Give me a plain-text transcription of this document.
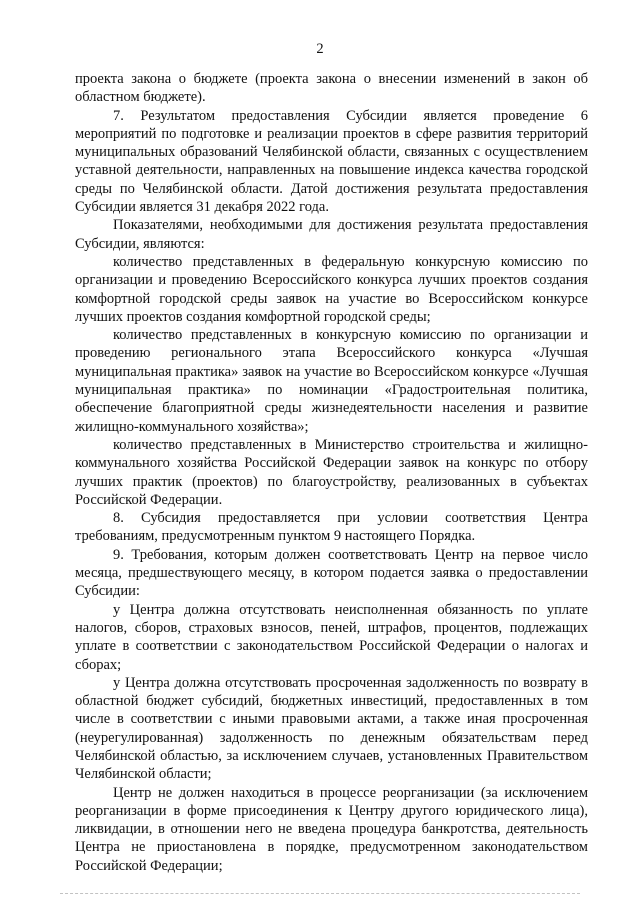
2

проекта закона о бюджете (проекта закона о внесении изменений в закон об областном бюджете).

7. Результатом предоставления Субсидии является проведение 6 мероприятий по подготовке и реализации проектов в сфере развития территорий муниципальных образований Челябинской области, связанных с осуществлением уставной деятельности, направленных на повышение индекса качества городской среды по Челябинской области. Датой достижения результата предоставления Субсидии является 31 декабря 2022 года.

Показателями, необходимыми для достижения результата предоставления Субсидии, являются:

количество представленных в федеральную конкурсную комиссию по организации и проведению Всероссийского конкурса лучших проектов создания комфортной городской среды заявок на участие во Всероссийском конкурсе лучших проектов создания комфортной городской среды;

количество представленных в конкурсную комиссию по организации и проведению регионального этапа Всероссийского конкурса «Лучшая муниципальная практика» заявок на участие во Всероссийском конкурсе «Лучшая муниципальная практика» по номинации «Градостроительная политика, обеспечение благоприятной среды жизнедеятельности населения и развитие жилищно-коммунального хозяйства»;

количество представленных в Министерство строительства и жилищно-коммунального хозяйства Российской Федерации заявок на конкурс по отбору лучших практик (проектов) по благоустройству, реализованных в субъектах Российской Федерации.

8. Субсидия предоставляется при условии соответствия Центра требованиям, предусмотренным пунктом 9 настоящего Порядка.

9. Требования, которым должен соответствовать Центр на первое число месяца, предшествующего месяцу, в котором подается заявка о предоставлении Субсидии:

у Центра должна отсутствовать неисполненная обязанность по уплате налогов, сборов, страховых взносов, пеней, штрафов, процентов, подлежащих уплате в соответствии с законодательством Российской Федерации о налогах и сборах;

у Центра должна отсутствовать просроченная задолженность по возврату в областной бюджет субсидий, бюджетных инвестиций, предоставленных в том числе в соответствии с иными правовыми актами, а также иная просроченная (неурегулированная) задолженность по денежным обязательствам перед Челябинской областью, за исключением случаев, установленных Правительством Челябинской области;

Центр не должен находиться в процессе реорганизации (за исключением реорганизации в форме присоединения к Центру другого юридического лица), ликвидации, в отношении него не введена процедура банкротства, деятельность Центра не приостановлена в порядке, предусмотренном законодательством Российской Федерации;
